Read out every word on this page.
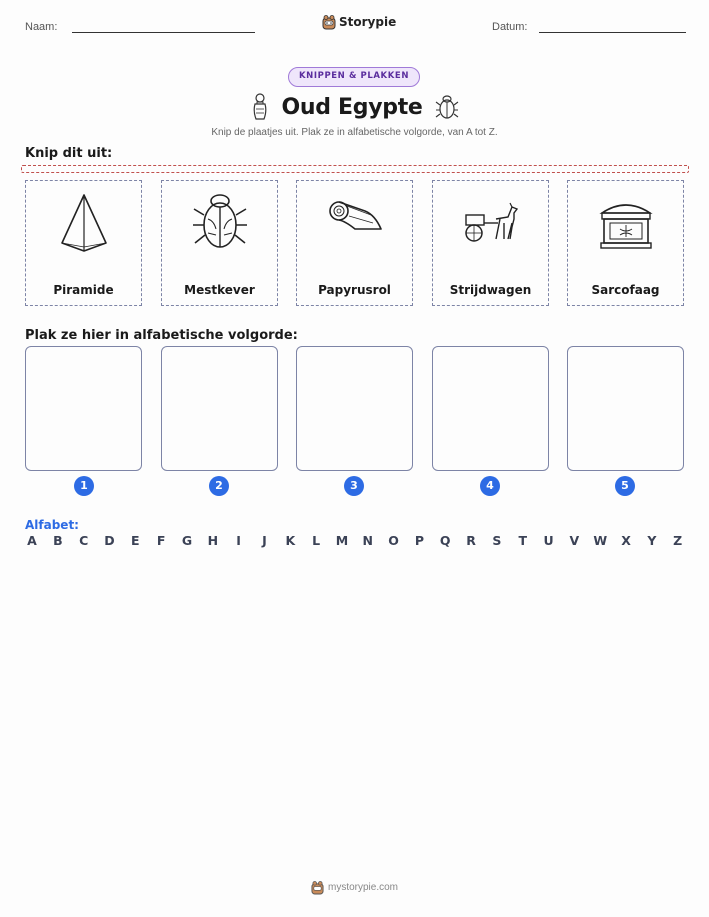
Naam:	Storypie	Datum:
KNIPPEN & PLAKKEN
Oud Egypte
Knip de plaatjes uit. Plak ze in alfabetische volgorde, van A tot Z.
Knip dit uit:
Piramide	Mestkever	Papyrusrol	Strijdwagen	Sarcofaag
Plak ze hier in alfabetische volgorde:
1	2	3	4	5
Alfabet:
A B C D E F G H	I	J	K L M N O P Q R S T U V W X Y Z
mystorypie.com
